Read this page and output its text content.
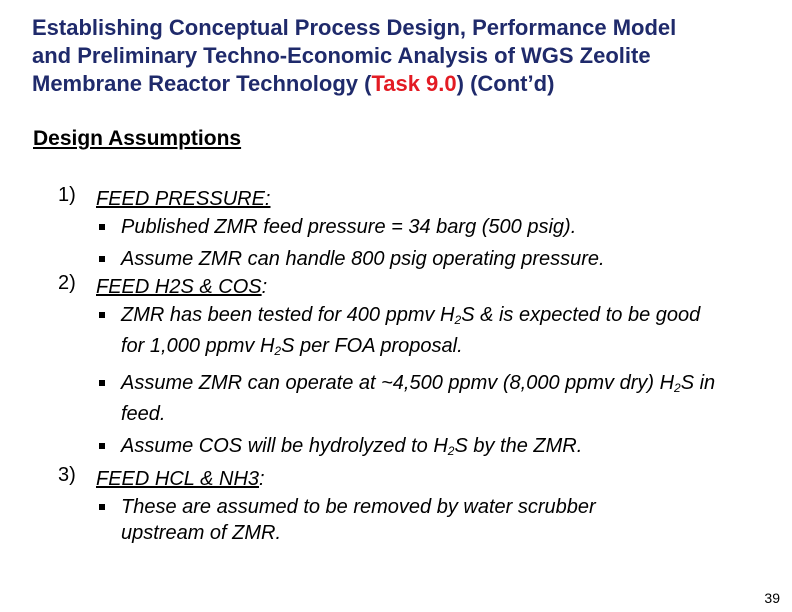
Establishing Conceptual Process Design, Performance Model
and Preliminary Techno-Economic Analysis of WGS Zeolite
Membrane Reactor Technology (Task 9.0) (Cont’d)
Design Assumptions
1) FEED PRESSURE:
Published ZMR feed pressure = 34 barg (500 psig).
Assume ZMR can handle 800 psig operating pressure.
2) FEED H2S & COS:
ZMR has been tested for 400 ppmv $H_2S$ & is expected to be good for 1,000 ppmv $H_2S$ per FOA proposal.
Assume ZMR can operate at ~4,500 ppmv (8,000 ppmv dry) $H_2S$ in feed.
Assume COS will be hydrolyzed to $H_2S$ by the ZMR.
3) FEED HCL & NH3:
These are assumed to be removed by water scrubber upstream of ZMR.
39
